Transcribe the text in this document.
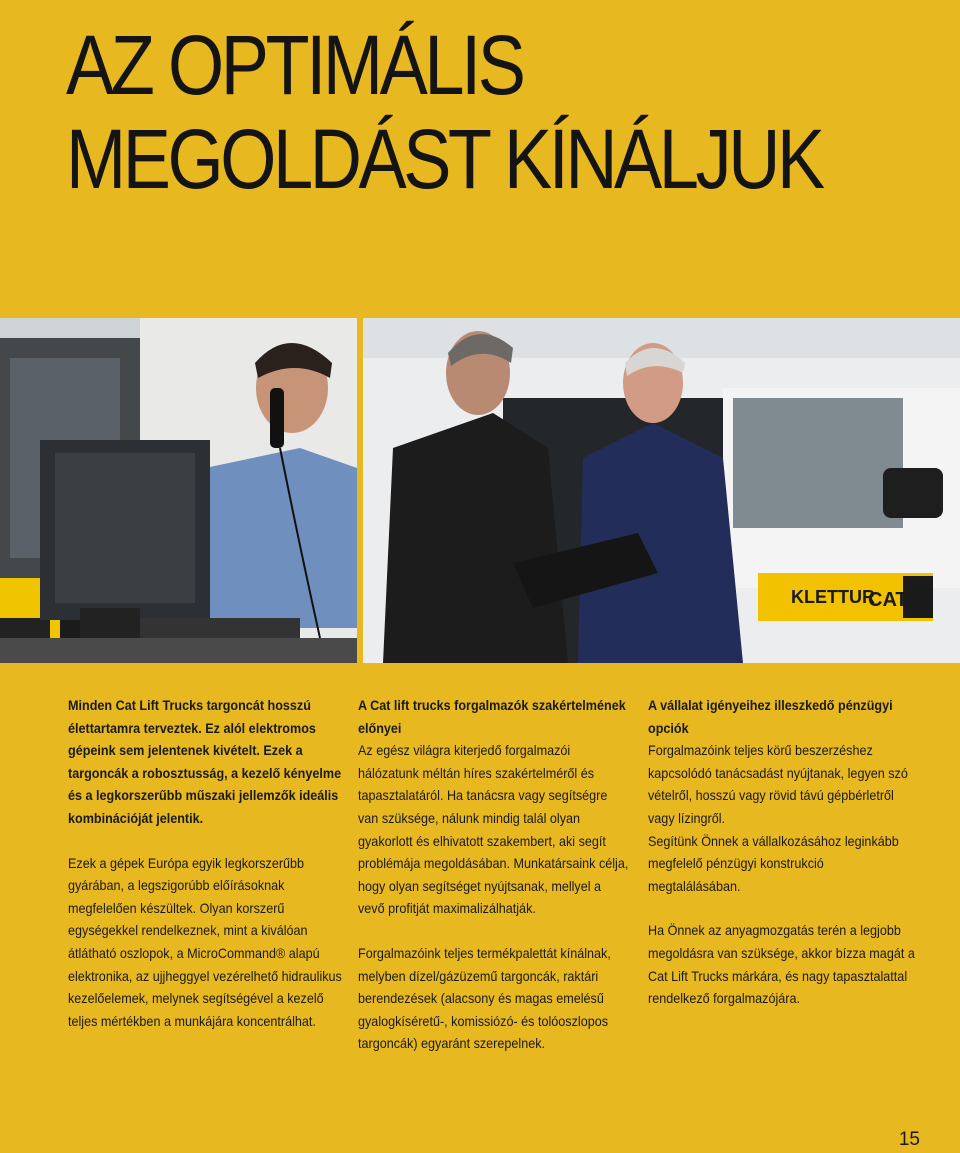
AZ OPTIMÁLIS
MEGOLDÁST KÍNÁLJUK
KLETTUR
CAT

Minden Cat Lift Trucks targoncát hosszú élettartamra terveztek. Ez alól elektromos gépeink sem jelentenek kivételt. Ezek a targoncák a robosztusság, a kezelő kényelme és a legkorszerűbb műszaki jellemzők ideális kombinációját jelentik.

Ezek a gépek Európa egyik legkorszerűbb gyárában, a legszigorúbb előírásoknak megfelelően készültek. Olyan korszerű egységekkel rendelkeznek, mint a kiválóan átlátható oszlopok, a MicroCommand® alapú elektronika, az ujjheggyel vezérelhető hidraulikus kezelőelemek, melynek segítségével a kezelő teljes mértékben a munkájára koncentrálhat.

A Cat lift trucks forgalmazók szakértelmének előnyei

Az egész világra kiterjedő forgalmazói hálózatunk méltán híres szakértelméről és tapasztalatáról. Ha tanácsra vagy segítségre van szüksége, nálunk mindig talál olyan gyakorlott és elhivatott szakembert, aki segít problémája megoldásában. Munkatársaink célja, hogy olyan segítséget nyújtsanak, mellyel a vevő profitját maximalizálhatják.

Forgalmazóink teljes termékpalettát kínálnak, melyben dízel/gázüzemű targoncák, raktári berendezések (alacsony és magas emelésű gyalogkíséretű-, komissiózó- és tolóoszlopos targoncák) egyaránt szerepelnek.

A vállalat igényeihez illeszkedő pénzügyi opciók

Forgalmazóink teljes körű beszerzéshez kapcsolódó tanácsadást nyújtanak, legyen szó vételről, hosszú vagy rövid távú gépbérletről vagy lízingről.

Segítünk Önnek a vállalkozásához leginkább megfelelő pénzügyi konstrukció megtalálásában.

Ha Önnek az anyagmozgatás terén a legjobb megoldásra van szüksége, akkor bízza magát a Cat Lift Trucks márkára, és nagy tapasztalattal rendelkező forgalmazójára.

15
